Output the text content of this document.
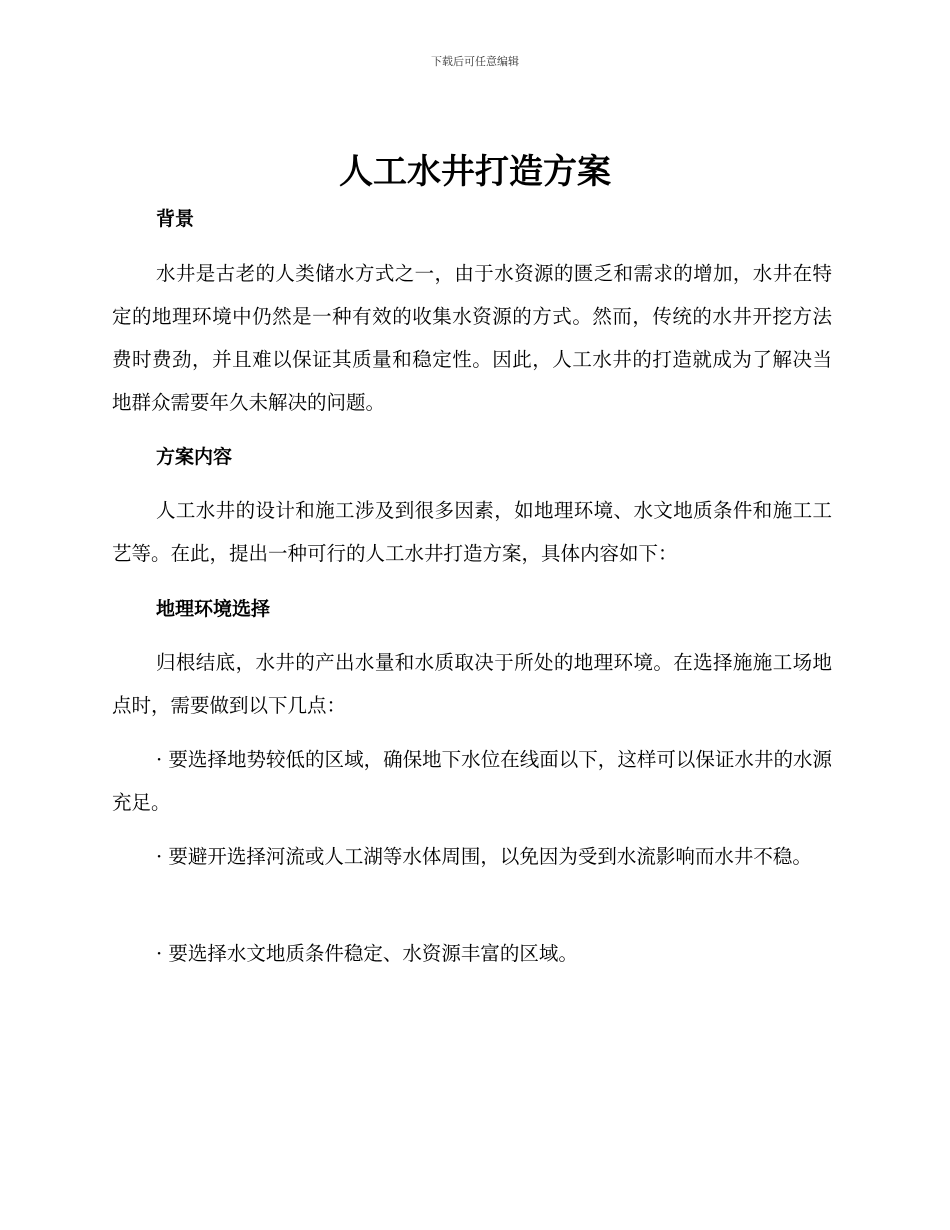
下载后可任意编辑
人工水井打造方案
背景

水井是古老的人类储水方式之一，由于水资源的匮乏和需求的增加，水井在特定的地理环境中仍然是一种有效的收集水资源的方式。然而，传统的水井开挖方法费时费劲，并且难以保证其质量和稳定性。因此，人工水井的打造就成为了解决当地群众需要年久未解决的问题。

方案内容

人工水井的设计和施工涉及到很多因素，如地理环境、水文地质条件和施工工艺等。在此，提出一种可行的人工水井打造方案，具体内容如下：

地理环境选择

归根结底，水井的产出水量和水质取决于所处的地理环境。在选择施施工场地点时，需要做到以下几点：

· 要选择地势较低的区域，确保地下水位在线面以下，这样可以保证水井的水源充足。

· 要避开选择河流或人工湖等水体周围，以免因为受到水流影响而水井不稳。

· 要选择水文地质条件稳定、水资源丰富的区域。
